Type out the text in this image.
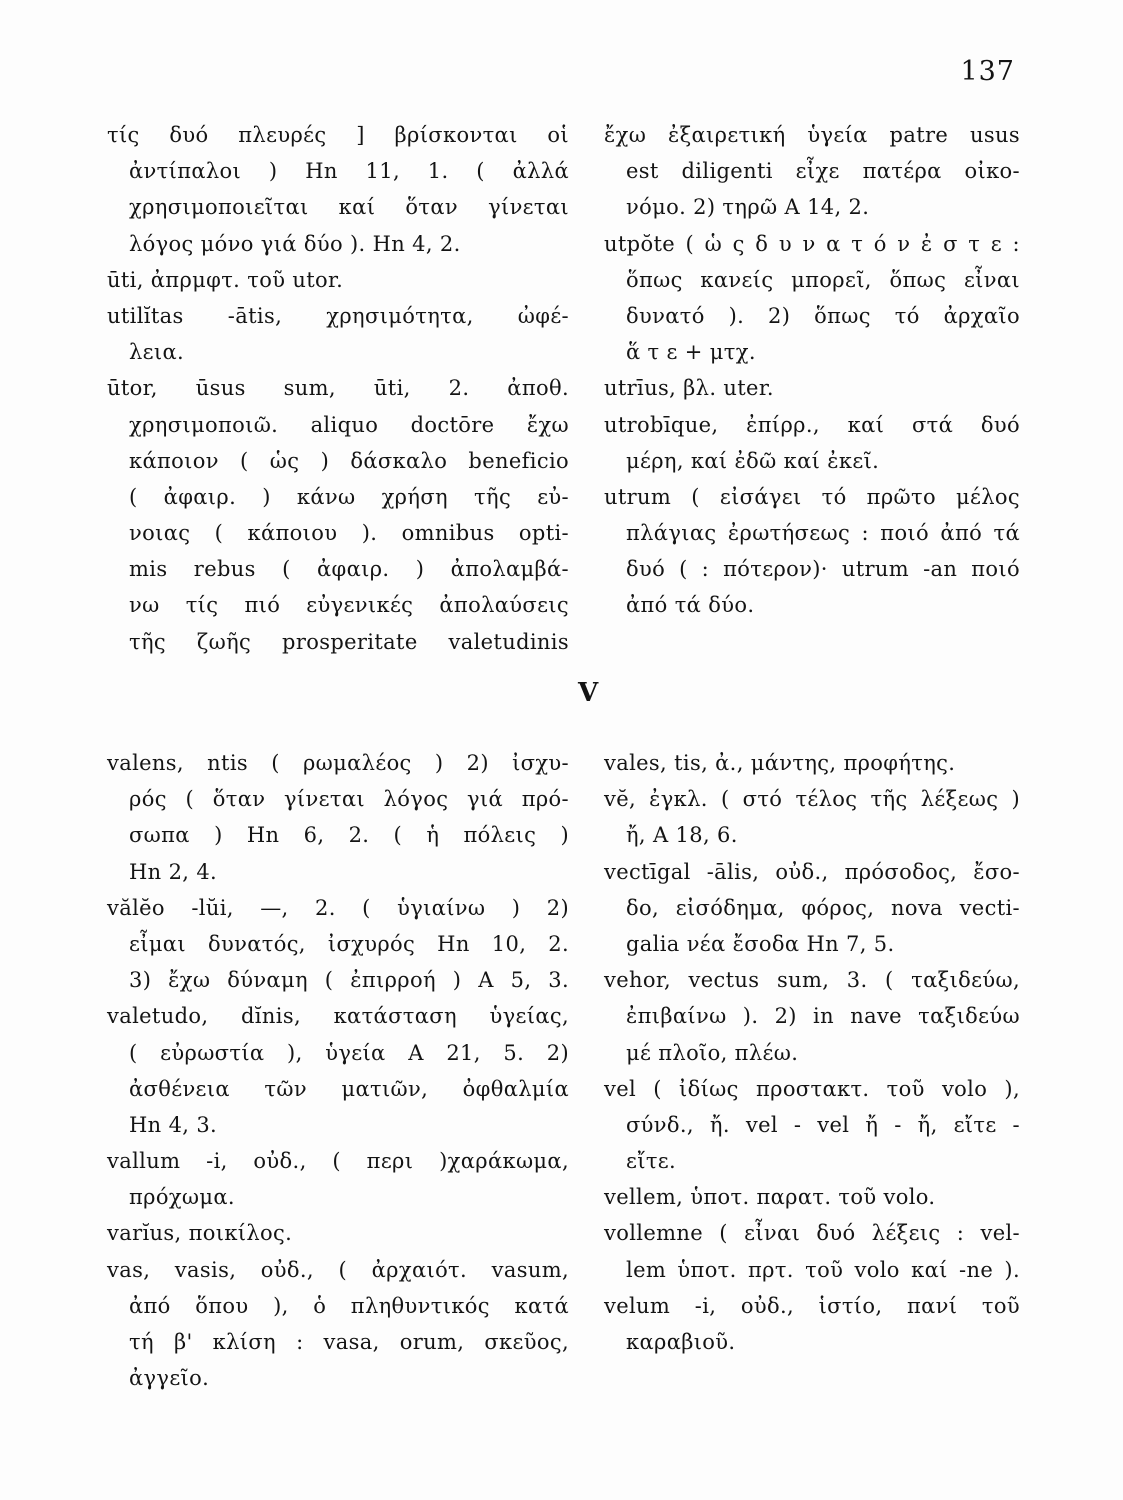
137
τίς δυό πλευρές ] βρίσκονται οἱ
ἀντίπαλοι ) Hn 11, 1. ( ἀλλά
χρησιμοποιεῖται καί ὅταν γίνεται
λόγος μόνο γιά δύο ). Hn 4, 2.
ūti, ἀπρμφτ. τοῦ utor.
utilĭtas -ātis, χρησιμότητα, ὠφέ-
λεια.
ūtor, ūsus sum, ūti, 2. ἀποθ.
χρησιμοποιῶ. aliquo doctōre ἔχω
κάποιον ( ὡς ) δάσκαλο beneficio
( ἀφαιρ. ) κάνω χρήση τῆς εὐ-
νοιας ( κάποιου ). omnibus opti-
mis rebus ( ἀφαιρ. ) ἀπολαμβά-
νω τίς πιό εὐγενικές ἀπολαύσεις
τῆς ζωῆς prosperitate valetudinis
ἔχω ἐξαιρετική ὑγεία patre usus
est diligenti εἶχε πατέρα οἰκο-
νόμο. 2) τηρῶ A 14, 2.
utpŏte ( ὡ ς δ υ ν α τ ό ν ἐ σ τ ε :
ὅπως κανείς μπορεῖ, ὅπως εἶναι
δυνατό ). 2) ὅπως τό ἀρχαῖο
ἅ τ ε + μτχ.
utrīus, βλ. uter.
utrobīque, ἐπίρρ., καί στά δυό
μέρη, καί ἐδῶ καί ἐκεῖ.
utrum ( εἰσάγει τό πρῶτο μέλος
πλάγιας ἐρωτήσεως : ποιό ἀπό τά
δυό ( : πότερον)· utrum -an ποιό
ἀπό τά δύο.
V
valens, ntis ( ρωμαλέος ) 2) ἰσχυ-
ρός ( ὅταν γίνεται λόγος γιά πρό-
σωπα ) Hn 6, 2. ( ἡ πόλεις )
Hn 2, 4.
vălĕo -lŭi, —, 2. ( ὑγιαίνω ) 2)
εἶμαι δυνατός, ἰσχυρός Hn 10, 2.
3) ἔχω δύναμη ( ἐπιρροή ) A 5, 3.
valetudo, dĭnis, κατάσταση ὑγείας,
( εὐρωστία ), ὑγεία A 21, 5. 2)
ἀσθένεια τῶν ματιῶν, ὀφθαλμία
Hn 4, 3.
vallum -i, οὐδ., ( περι )χαράκωμα,
πρόχωμα.
varĭus, ποικίλος.
vas, vasis, οὐδ., ( ἀρχαιότ. vasum,
ἀπό ὅπου ), ὁ πληθυντικός κατά
τή β' κλίση : vasa, orum, σκεῦος,
ἀγγεῖο.
vales, tis, ἀ., μάντης, προφήτης.
vĕ, ἐγκλ. ( στό τέλος τῆς λέξεως )
ἤ, A 18, 6.
vectīgal -ālis, οὐδ., πρόσοδος, ἔσο-
δο, εἰσόδημα, φόρος, nova vecti-
galia νέα ἔσοδα Hn 7, 5.
vehor, vectus sum, 3. ( ταξιδεύω,
ἐπιβαίνω ). 2) in nave ταξιδεύω
μέ πλοῖο, πλέω.
vel ( ἰδίως προστακτ. τοῦ volo ),
σύνδ., ἤ. vel - vel ἤ - ἤ, εἴτε -
εἴτε.
vellem, ὑποτ. παρατ. τοῦ volo.
vollemne ( εἶναι δυό λέξεις : vel-
lem ὑποτ. πρτ. τοῦ volo καί -ne ).
velum -i, οὐδ., ἱστίο, πανί τοῦ
καραβιοῦ.
